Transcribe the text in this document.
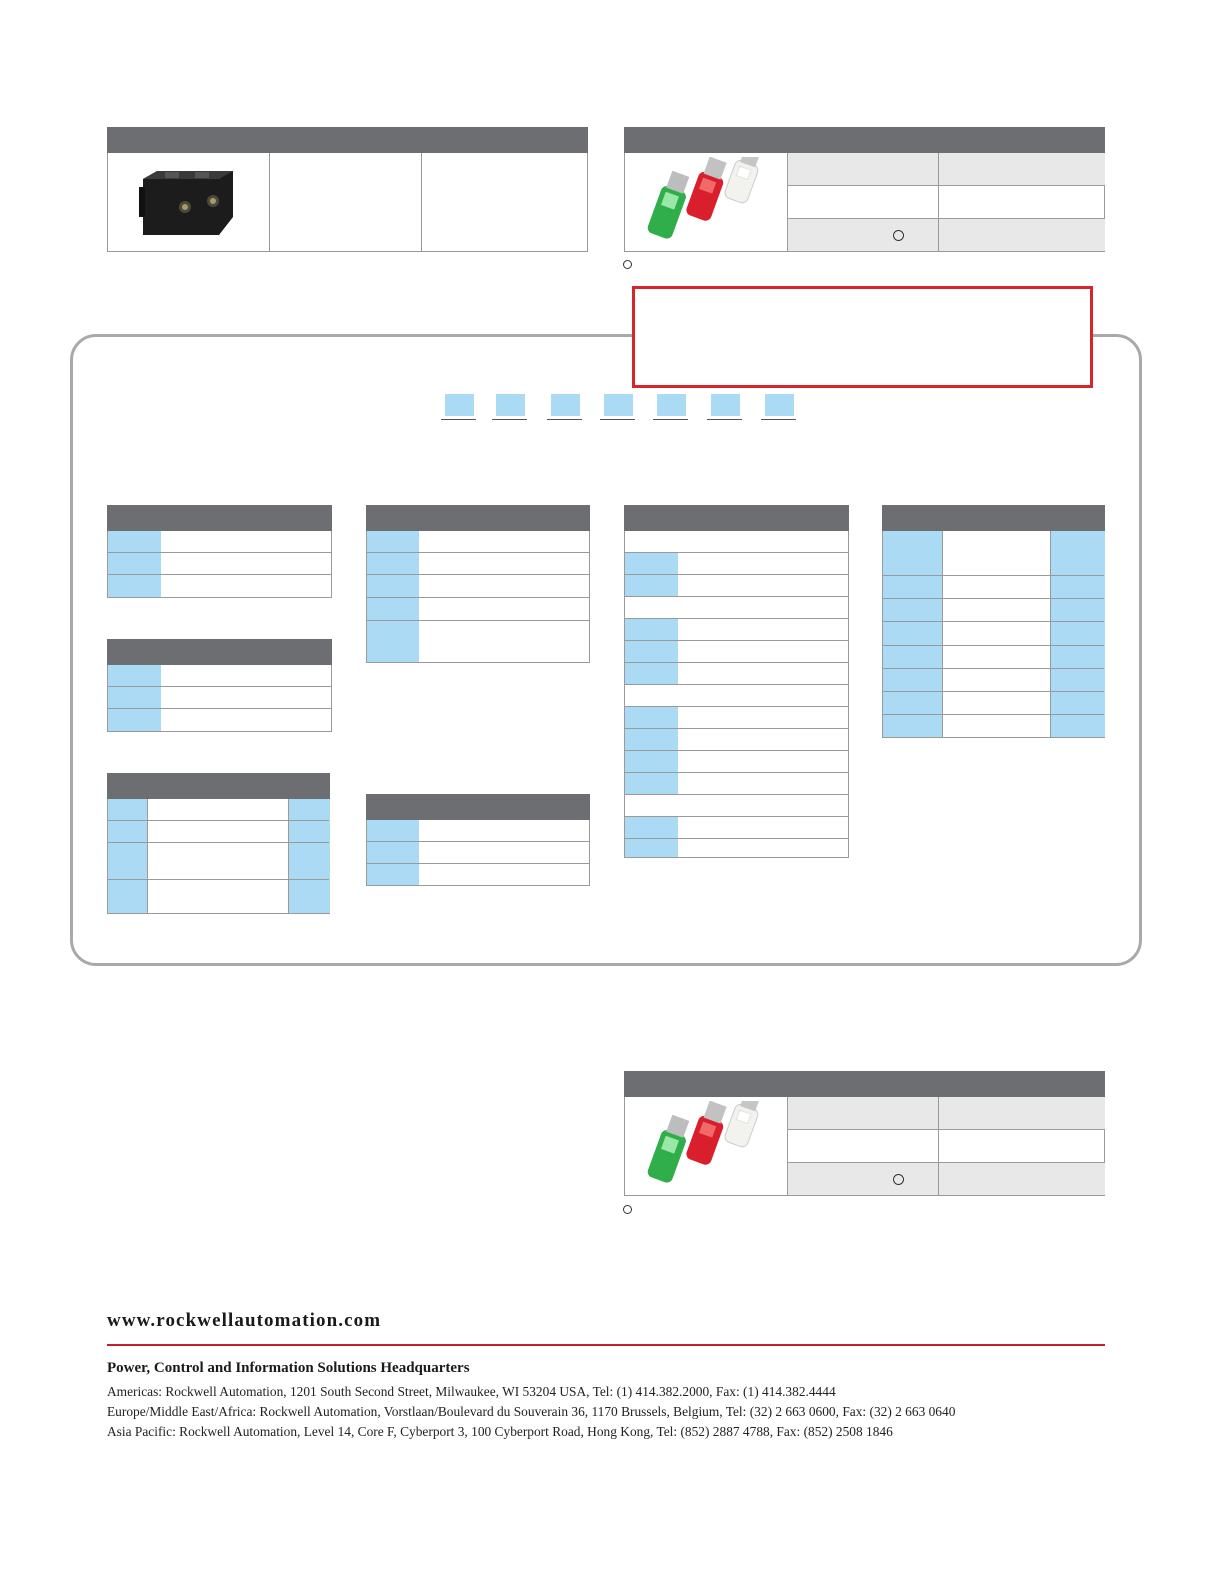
www.rockwellautomation.com
Power, Control and Information Solutions Headquarters
Americas: Rockwell Automation, 1201 South Second Street, Milwaukee, WI 53204 USA, Tel: (1) 414.382.2000, Fax: (1) 414.382.4444
Europe/Middle East/Africa: Rockwell Automation, Vorstlaan/Boulevard du Souverain 36, 1170 Brussels, Belgium, Tel: (32) 2 663 0600, Fax: (32) 2 663 0640
Asia Pacific: Rockwell Automation, Level 14, Core F, Cyberport 3, 100 Cyberport Road, Hong Kong, Tel: (852) 2887 4788, Fax: (852) 2508 1846
